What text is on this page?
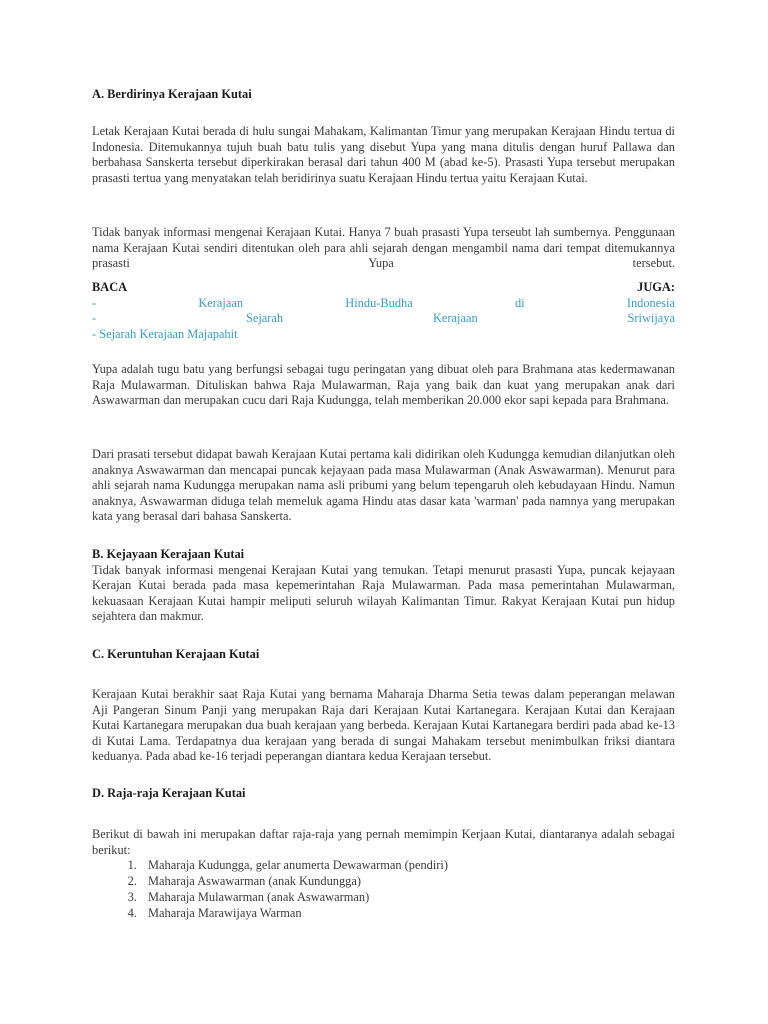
A. Berdirinya Kerajaan Kutai

Letak Kerajaan Kutai berada di hulu sungai Mahakam, Kalimantan Timur yang merupakan Kerajaan Hindu tertua di Indonesia. Ditemukannya tujuh buah batu tulis yang disebut Yupa yang mana ditulis dengan huruf Pallawa dan berbahasa Sanskerta tersebut diperkirakan berasal dari tahun 400 M (abad ke-5). Prasasti Yupa tersebut merupakan prasasti tertua yang menyatakan telah beridirinya suatu Kerajaan Hindu tertua yaitu Kerajaan Kutai.

Tidak banyak informasi mengenai Kerajaan Kutai. Hanya 7 buah prasasti Yupa terseubt lah sumbernya. Penggunaan nama Kerajaan Kutai sendiri ditentukan oleh para ahli sejarah dengan mengambil nama dari tempat ditemukannya prasasti Yupa tersebut.

BACA	JUGA:
- Kerajaan Hindu-Budha di Indonesia
- Sejarah Kerajaan Sriwijaya
- Sejarah Kerajaan Majapahit

Yupa adalah tugu batu yang berfungsi sebagai tugu peringatan yang dibuat oleh para Brahmana atas kedermawanan Raja Mulawarman. Dituliskan bahwa Raja Mulawarman, Raja yang baik dan kuat yang merupakan anak dari Aswawarman dan merupakan cucu dari Raja Kudungga, telah memberikan 20.000 ekor sapi kepada para Brahmana.

Dari prasati tersebut didapat bawah Kerajaan Kutai pertama kali didirikan oleh Kudungga kemudian dilanjutkan oleh anaknya Aswawarman dan mencapai puncak kejayaan pada masa Mulawarman (Anak Aswawarman). Menurut para ahli sejarah nama Kudungga merupakan nama asli pribumi yang belum tepengaruh oleh kebudayaan Hindu. Namun anaknya, Aswawarman diduga telah memeluk agama Hindu atas dasar kata 'warman' pada namnya yang merupakan kata yang berasal dari bahasa Sanskerta.

B. Kejayaan Kerajaan Kutai

Tidak banyak informasi mengenai Kerajaan Kutai yang temukan. Tetapi menurut prasasti Yupa, puncak kejayaan Kerajan Kutai berada pada masa kepemerintahan Raja Mulawarman. Pada masa pemerintahan Mulawarman, kekuasaan Kerajaan Kutai hampir meliputi seluruh wilayah Kalimantan Timur. Rakyat Kerajaan Kutai pun hidup sejahtera dan makmur.

C. Keruntuhan Kerajaan Kutai

Kerajaan Kutai berakhir saat Raja Kutai yang bernama Maharaja Dharma Setia tewas dalam peperangan melawan Aji Pangeran Sinum Panji yang merupakan Raja dari Kerajaan Kutai Kartanegara. Kerajaan Kutai dan Kerajaan Kutai Kartanegara merupakan dua buah kerajaan yang berbeda. Kerajaan Kutai Kartanegara berdiri pada abad ke-13 di Kutai Lama. Terdapatnya dua kerajaan yang berada di sungai Mahakam tersebut menimbulkan friksi diantara keduanya. Pada abad ke-16 terjadi peperangan diantara kedua Kerajaan tersebut.

D. Raja-raja Kerajaan Kutai

Berikut di bawah ini merupakan daftar raja-raja yang pernah memimpin Kerjaan Kutai, diantaranya adalah sebagai berikut:

1. Maharaja Kudungga, gelar anumerta Dewawarman (pendiri)
2. Maharaja Aswawarman (anak Kundungga)
3. Maharaja Mulawarman (anak Aswawarman)
4. Maharaja Marawijaya Warman
